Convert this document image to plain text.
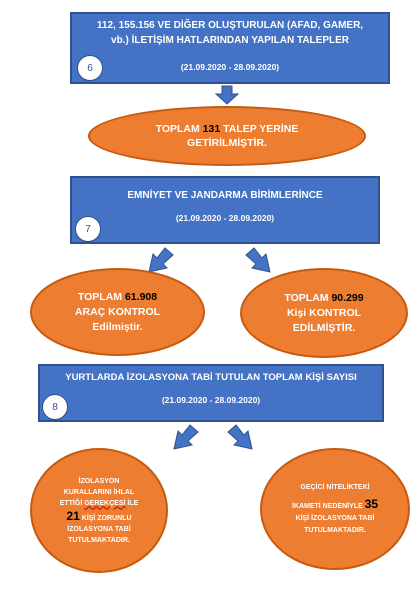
112, 155.156 VE DİĞER OLUŞTURULAN (AFAD, GAMER,
vb.) İLETİŞİM HATLARINDAN YAPILAN TALEPLER
(21.09.2020 - 28.09.2020)
6
TOPLAM 131 TALEP YERİNE
GETİRİLMİŞTİR.
EMNİYET VE JANDARMA BİRİMLERİNCE
(21.09.2020 - 28.09.2020)
7
TOPLAM 61.908
ARAÇ KONTROL
Edilmiştir.
TOPLAM 90.299
Kişi KONTROL
EDİLMİŞTİR.
YURTLARDA İZOLASYONA TABİ TUTULAN TOPLAM KİŞİ SAYISI
(21.09.2020 - 28.09.2020)
8
İZOLASYON
KURALLARINI İHLAL
ETTİĞİ GEREKÇESİ İLE
21 KİŞİ ZORUNLU
İZOLASYONA TABİ
TUTULMAKTADIR.
GEÇİCİ NİTELİKTEKİ
İKAMETİ NEDENİYLE 35
KİŞİ İZOLASYONA TABİ
TUTULMAKTADIR.
